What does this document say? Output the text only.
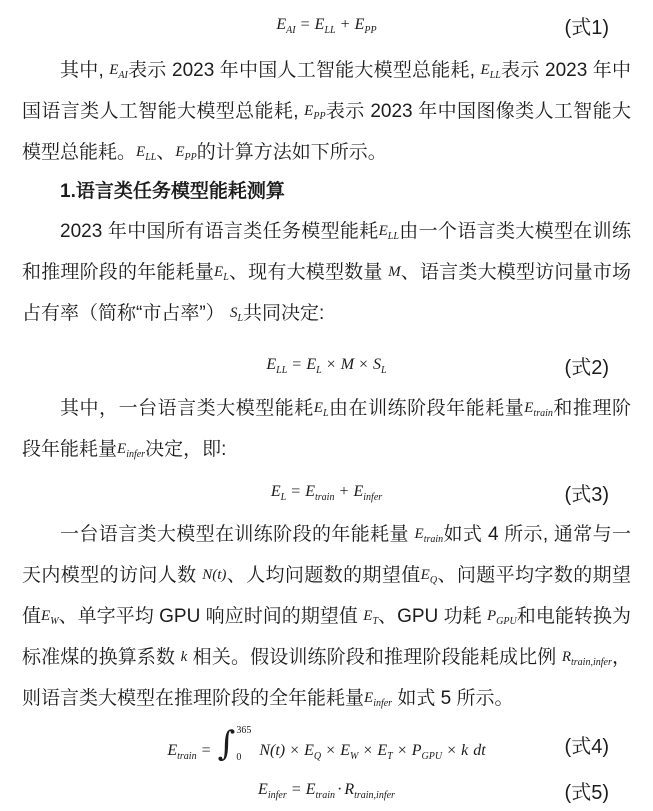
$E_{AI} = E_{LL} + E_{PP}$	(式1)

其中, $E_{AI}$表示 2023 年中国人工智能大模型总能耗, $E_{LL}$表示 2023 年中国语言类人工智能大模型总能耗, $E_{PP}$表示 2023 年中国图像类人工智能大模型总能耗。$E_{LL}$、$E_{PP}$的计算方法如下所示。

1.语言类任务模型能耗测算

2023 年中国所有语言类任务模型能耗$E_{LL}$由一个语言类大模型在训练和推理阶段的年能耗量$E_L$、现有大模型数量 M、语言类大模型访问量市场占有率（简称“市占率”） $S_L$共同决定:

$E_{LL} = E_L \times M \times S_L$	(式2)

其中，一台语言类大模型能耗$E_L$由在训练阶段年能耗量$E_{train}$和推理阶段年能耗量$E_{infer}$决定，即:

$E_L = E_{train} + E_{infer}$	(式3)

一台语言类大模型在训练阶段的年能耗量 $E_{train}$如式 4 所示, 通常与一天内模型的访问人数 N(t)、人均问题数的期望值$E_Q$、问题平均字数的期望值$E_W$、单字平均 GPU 响应时间的期望值 $E_T$、GPU 功耗 $P_{GPU}$和电能转换为标准煤的换算系数 k 相关。假设训练阶段和推理阶段能耗成比例 $R_{train,infer}$，则语言类大模型在推理阶段的全年能耗量$E_{infer}$ 如式 5 所示。

$E_{train}$ = ∫ 365
0 $N(t) \times E_Q \times E_W \times E_T \times P_{GPU} \times k$ dt	(式4)
$E_{infer} = E_{train} \cdot R_{train,infer}$	(式5)
